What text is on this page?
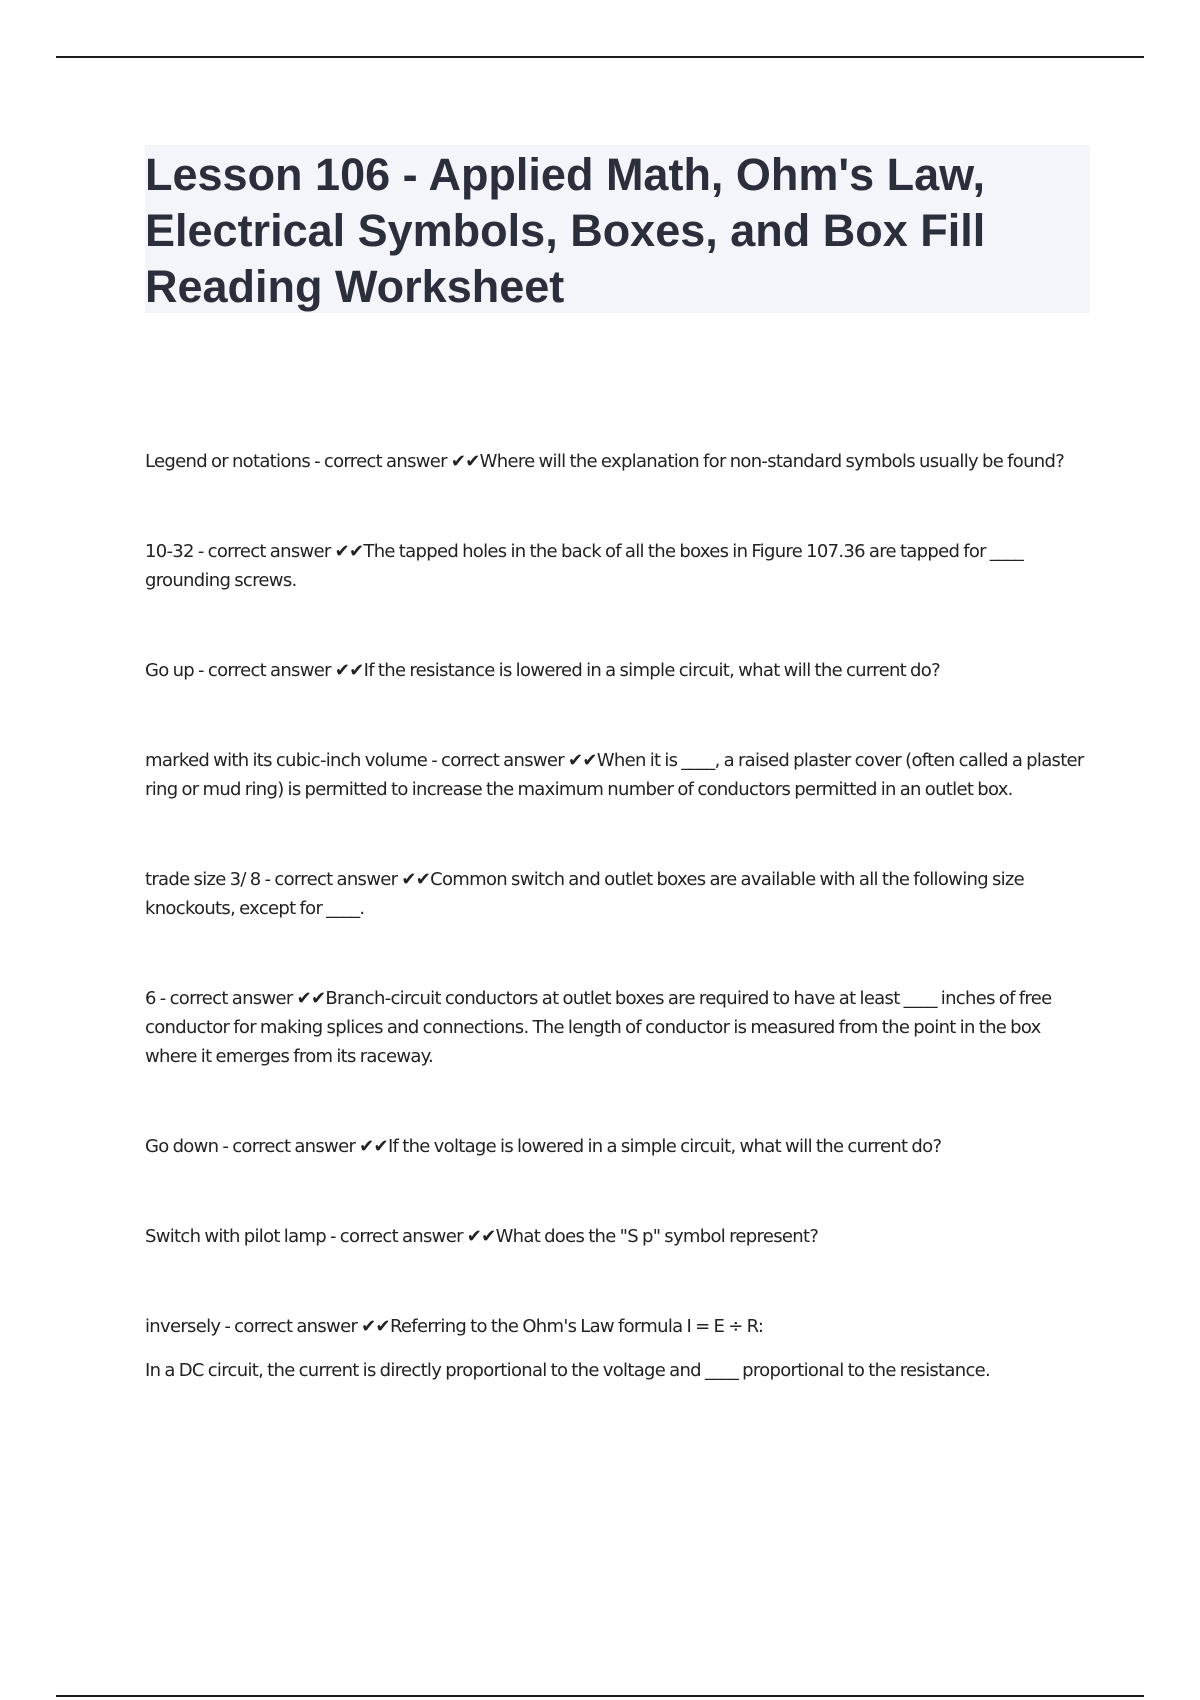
Lesson 106 - Applied Math, Ohm's Law, Electrical Symbols, Boxes, and Box Fill Reading Worksheet

Legend or notations - correct answer ✔✔Where will the explanation for non-standard symbols usually be found?

10-32 - correct answer ✔✔The tapped holes in the back of all the boxes in Figure 107.36 are tapped for ____ grounding screws.

Go up - correct answer ✔✔If the resistance is lowered in a simple circuit, what will the current do?

marked with its cubic-inch volume - correct answer ✔✔When it is ____, a raised plaster cover (often called a plaster ring or mud ring) is permitted to increase the maximum number of conductors permitted in an outlet box.

trade size 3/ 8 - correct answer ✔✔Common switch and outlet boxes are available with all the following size knockouts, except for ____.

6 - correct answer ✔✔Branch-circuit conductors at outlet boxes are required to have at least ____ inches of free conductor for making splices and connections. The length of conductor is measured from the point in the box where it emerges from its raceway.

Go down - correct answer ✔✔If the voltage is lowered in a simple circuit, what will the current do?

Switch with pilot lamp - correct answer ✔✔What does the "S p" symbol represent?

inversely - correct answer ✔✔Referring to the Ohm's Law formula I = E ÷ R:
In a DC circuit, the current is directly proportional to the voltage and ____ proportional to the resistance.
